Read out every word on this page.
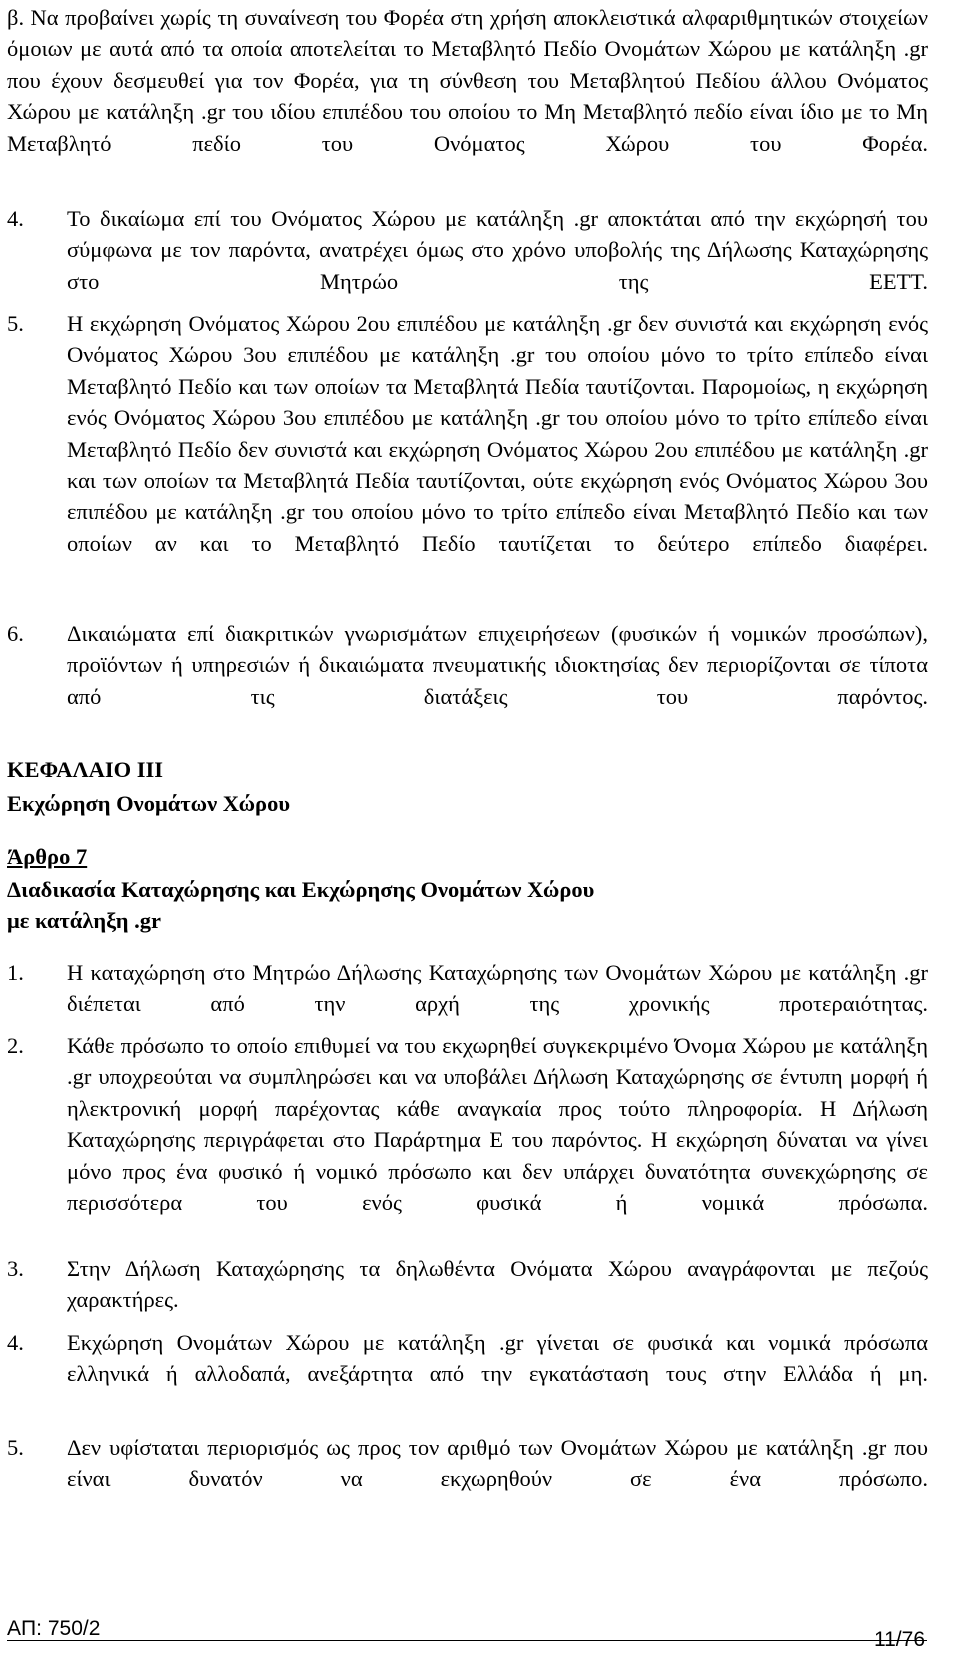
β. Να προβαίνει χωρίς τη συναίνεση του Φορέα στη χρήση αποκλειστικά αλφαριθμητικών στοιχείων όμοιων με αυτά από τα οποία αποτελείται το Μεταβλητό Πεδίο Ονομάτων Χώρου με κατάληξη .gr που έχουν δεσμευθεί για τον Φορέα, για τη σύνθεση του Μεταβλητού Πεδίου άλλου Ονόματος Χώρου με κατάληξη .gr του ιδίου επιπέδου του οποίου το Μη Μεταβλητό πεδίο είναι ίδιο με το Μη Μεταβλητό πεδίο του Ονόματος Χώρου του Φορέα.

4. Το δικαίωμα επί του Ονόματος Χώρου με κατάληξη .gr αποκτάται από την εκχώρησή του σύμφωνα με τον παρόντα, ανατρέχει όμως στο χρόνο υποβολής της Δήλωσης Καταχώρησης στο Μητρώο της ΕΕΤΤ.
5. Η εκχώρηση Ονόματος Χώρου 2ου επιπέδου με κατάληξη .gr δεν συνιστά και εκχώρηση ενός Ονόματος Χώρου 3ου επιπέδου με κατάληξη .gr του οποίου μόνο το τρίτο επίπεδο είναι Μεταβλητό Πεδίο και των οποίων τα Μεταβλητά Πεδία ταυτίζονται. Παρομοίως, η εκχώρηση ενός Ονόματος Χώρου 3ου επιπέδου με κατάληξη .gr του οποίου μόνο το τρίτο επίπεδο είναι Μεταβλητό Πεδίο δεν συνιστά και εκχώρηση Ονόματος Χώρου 2ου επιπέδου με κατάληξη .gr και των οποίων τα Μεταβλητά Πεδία ταυτίζονται, ούτε εκχώρηση ενός Ονόματος Χώρου 3ου επιπέδου με κατάληξη .gr του οποίου μόνο το τρίτο επίπεδο είναι Μεταβλητό Πεδίο και των οποίων αν και το Μεταβλητό Πεδίο ταυτίζεται το δεύτερο επίπεδο διαφέρει.
6. Δικαιώματα επί διακριτικών γνωρισμάτων επιχειρήσεων (φυσικών ή νομικών προσώπων), προϊόντων ή υπηρεσιών ή δικαιώματα πνευματικής ιδιοκτησίας δεν περιορίζονται σε τίποτα από τις διατάξεις του παρόντος.

ΚΕΦΑΛΑΙΟ ΙΙΙ

Εκχώρηση Ονομάτων Χώρου

Άρθρο 7

Διαδικασία Καταχώρησης και Εκχώρησης Ονομάτων Χώρου

με κατάληξη .gr

1. Η καταχώρηση στο Μητρώο Δήλωσης Καταχώρησης των Ονομάτων Χώρου με κατάληξη .gr διέπεται από την αρχή της χρονικής προτεραιότητας.
2. Κάθε πρόσωπο το οποίο επιθυμεί να του εκχωρηθεί συγκεκριμένο Όνομα Χώρου με κατάληξη .gr υποχρεούται να συμπληρώσει και να υποβάλει Δήλωση Καταχώρησης σε έντυπη μορφή ή ηλεκτρονική μορφή παρέχοντας κάθε αναγκαία προς τούτο πληροφορία. Η Δήλωση Καταχώρησης περιγράφεται στο Παράρτημα Ε του παρόντος. Η εκχώρηση δύναται να γίνει μόνο προς ένα φυσικό ή νομικό πρόσωπο και δεν υπάρχει δυνατότητα συνεκχώρησης σε περισσότερα του ενός φυσικά ή νομικά πρόσωπα.
3. Στην Δήλωση Καταχώρησης τα δηλωθέντα Ονόματα Χώρου αναγράφονται με πεζούς χαρακτήρες.
4. Εκχώρηση Ονομάτων Χώρου με κατάληξη .gr γίνεται σε φυσικά και νομικά πρόσωπα ελληνικά ή αλλοδαπά, ανεξάρτητα από την εγκατάσταση τους στην Ελλάδα ή μη.
5. Δεν υφίσταται περιορισμός ως προς τον αριθμό των Ονομάτων Χώρου με κατάληξη .gr που είναι δυνατόν να εκχωρηθούν σε ένα πρόσωπο.
ΑΠ: 750/2	11/76
